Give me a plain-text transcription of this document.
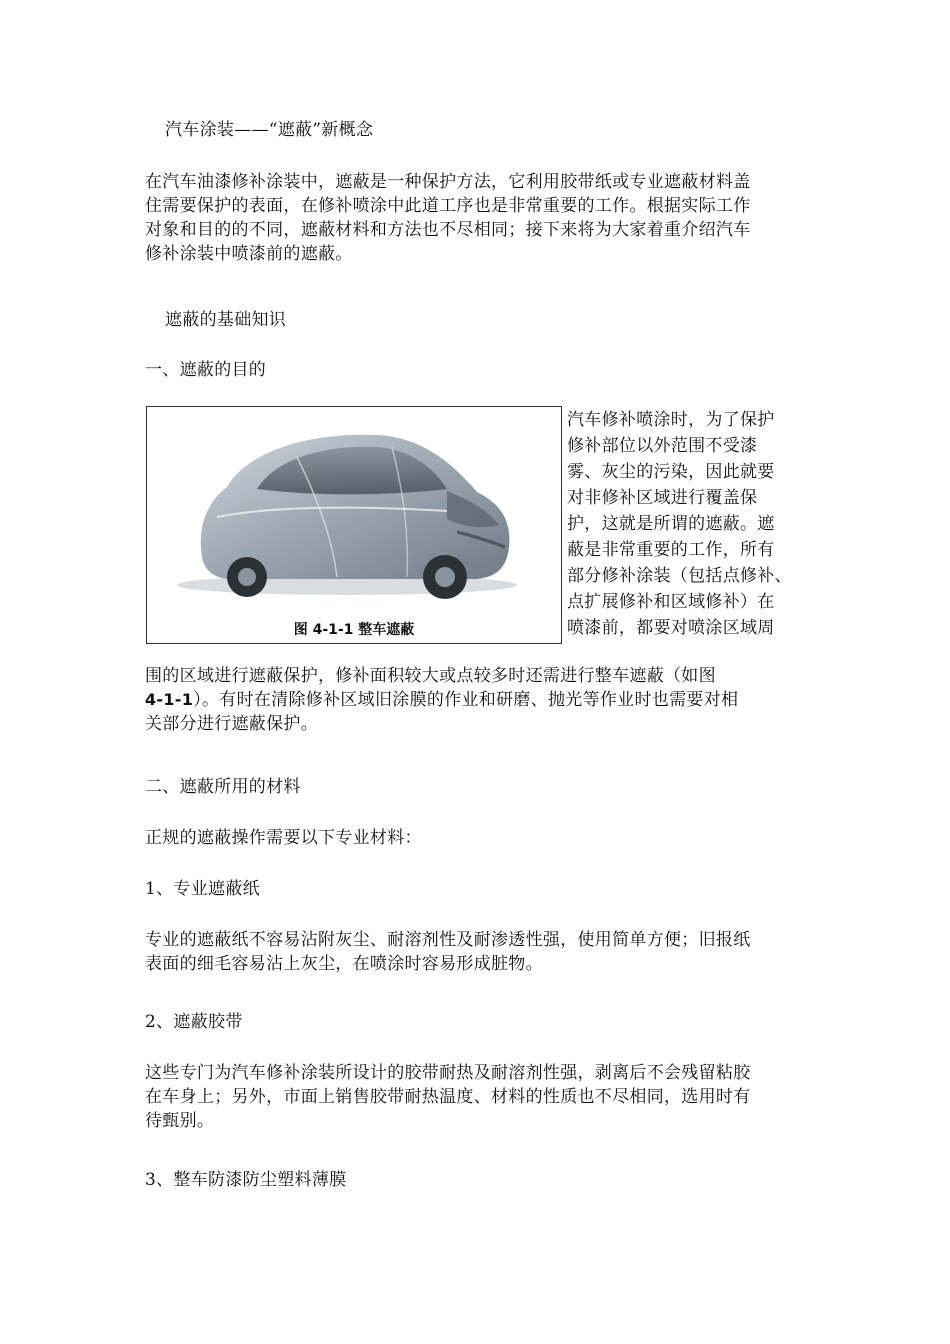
汽车涂装——“遮蔽”新概念
在汽车油漆修补涂装中，遮蔽是一种保护方法，它利用胶带纸或专业遮蔽材料盖
住需要保护的表面，在修补喷涂中此道工序也是非常重要的工作。根据实际工作
对象和目的的不同，遮蔽材料和方法也不尽相同；接下来将为大家着重介绍汽车
修补涂装中喷漆前的遮蔽。
遮蔽的基础知识
一、遮蔽的目的
图 4-1-1 整车遮蔽
汽车修补喷涂时，为了保护
修补部位以外范围不受漆
雾、灰尘的污染，因此就要
对非修补区域进行覆盖保
护，这就是所谓的遮蔽。遮
蔽是非常重要的工作，所有
部分修补涂装（包括点修补、
点扩展修补和区域修补）在
喷漆前，都要对喷涂区域周
围的区域进行遮蔽保护，修补面积较大或点较多时还需进行整车遮蔽（如图
4-1-1）。有时在清除修补区域旧涂膜的作业和研磨、抛光等作业时也需要对相
关部分进行遮蔽保护。
二、遮蔽所用的材料
正规的遮蔽操作需要以下专业材料：
1、专业遮蔽纸
专业的遮蔽纸不容易沾附灰尘、耐溶剂性及耐渗透性强，使用简单方便；旧报纸
表面的细毛容易沾上灰尘，在喷涂时容易形成脏物。
2、遮蔽胶带
这些专门为汽车修补涂装所设计的胶带耐热及耐溶剂性强，剥离后不会残留粘胶
在车身上；另外，市面上销售胶带耐热温度、材料的性质也不尽相同，选用时有
待甄别。
3、整车防漆防尘塑料薄膜
